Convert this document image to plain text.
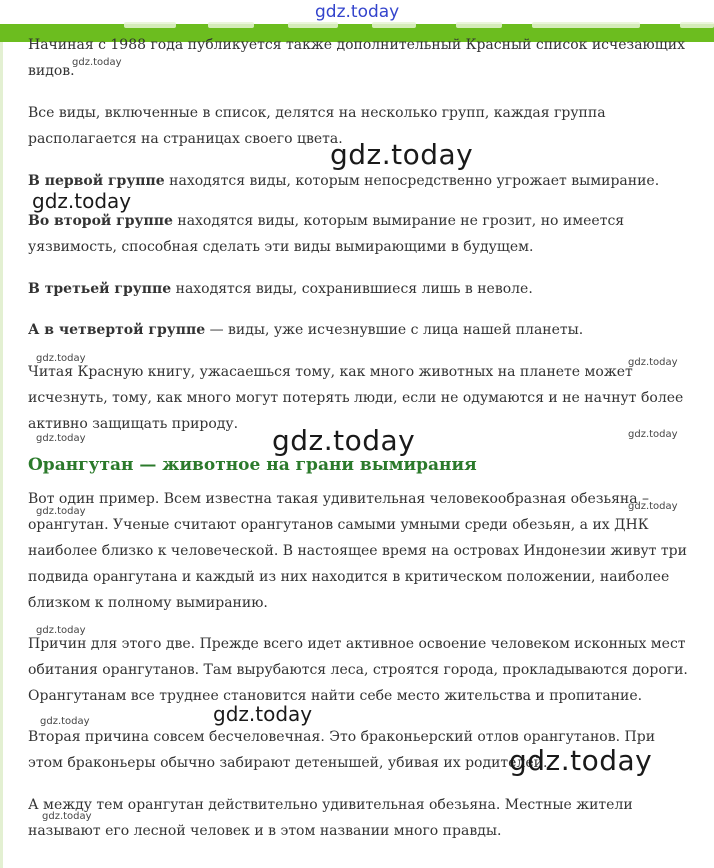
gdz.today

Начиная с 1988 года публикуется также дополнительный Красный список исчезающих видов.

Все виды, включенные в список, делятся на несколько групп, каждая группа располагается на страницах своего цвета.

В первой группе находятся виды, которым непосредственно угрожает вымирание.

Во второй группе находятся виды, которым вымирание не грозит, но имеется уязвимость, способная сделать эти виды вымирающими в будущем.

В третьей группе находятся виды, сохранившиеся лишь в неволе.

А в четвертой группе — виды, уже исчезнувшие с лица нашей планеты.

Читая Красную книгу, ужасаешься тому, как много животных на планете может исчезнуть, тому, как много могут потерять люди, если не одумаются и не начнут более активно защищать природу.

Орангутан — животное на грани вымирания

Вот один пример. Всем известна такая удивительная человекообразная обезьяна – орангутан. Ученые считают орангутанов самыми умными среди обезьян, а их ДНК наиболее близко к человеческой. В настоящее время на островах Индонезии живут три подвида орангутана и каждый из них находится в критическом положении, наиболее близком к полному вымиранию.

Причин для этого две. Прежде всего идет активное освоение человеком исконных мест обитания орангутанов. Там вырубаются леса, строятся города, прокладываются дороги. Орангутанам все труднее становится найти себе место жительства и пропитание.

Вторая причина совсем бесчеловечная. Это браконьерский отлов орангутанов. При этом браконьеры обычно забирают детенышей, убивая их родителей.

А между тем орангутан действительно удивительная обезьяна. Местные жители называют его лесной человек и в этом названии много правды.

gdz.today
gdz.today
gdz.today
gdz.today	gdz.today
gdz.today	gdz.today
gdz.today
gdz.today	gdz.today
gdz.today
gdz.today	gdz.today
gdz.today
gdz.today
